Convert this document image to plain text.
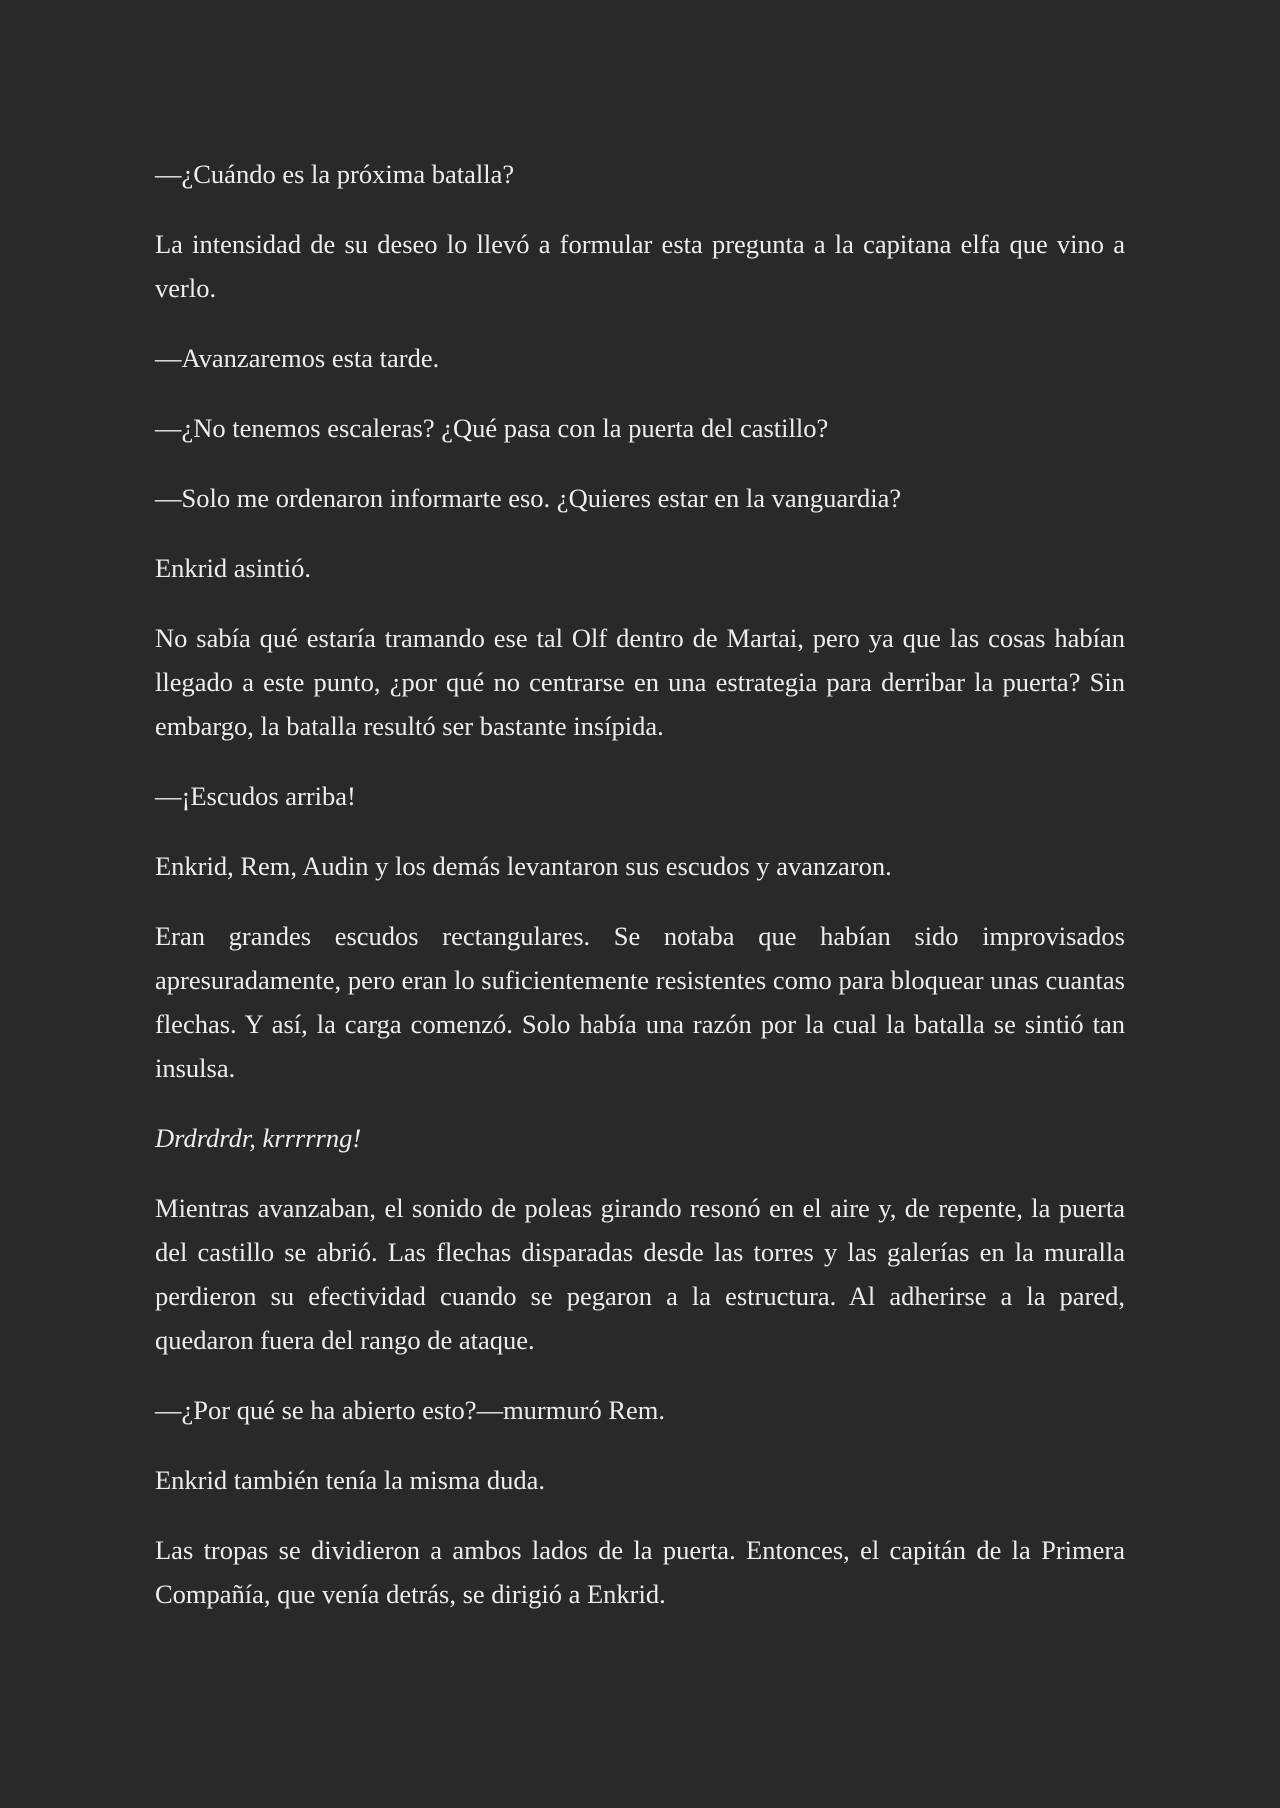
—¿Cuándo es la próxima batalla?

La intensidad de su deseo lo llevó a formular esta pregunta a la capitana elfa que vino a verlo.

—Avanzaremos esta tarde.

—¿No tenemos escaleras? ¿Qué pasa con la puerta del castillo?

—Solo me ordenaron informarte eso. ¿Quieres estar en la vanguardia?

Enkrid asintió.

No sabía qué estaría tramando ese tal Olf dentro de Martai, pero ya que las cosas habían llegado a este punto, ¿por qué no centrarse en una estrategia para derribar la puerta? Sin embargo, la batalla resultó ser bastante insípida.

—¡Escudos arriba!

Enkrid, Rem, Audin y los demás levantaron sus escudos y avanzaron.

Eran grandes escudos rectangulares. Se notaba que habían sido improvisados apresuradamente, pero eran lo suficientemente resistentes como para bloquear unas cuantas flechas. Y así, la carga comenzó. Solo había una razón por la cual la batalla se sintió tan insulsa.

Drdrdrdr, krrrrrng!

Mientras avanzaban, el sonido de poleas girando resonó en el aire y, de repente, la puerta del castillo se abrió. Las flechas disparadas desde las torres y las galerías en la muralla perdieron su efectividad cuando se pegaron a la estructura. Al adherirse a la pared, quedaron fuera del rango de ataque.

—¿Por qué se ha abierto esto?—murmuró Rem.

Enkrid también tenía la misma duda.

Las tropas se dividieron a ambos lados de la puerta. Entonces, el capitán de la Primera Compañía, que venía detrás, se dirigió a Enkrid.
